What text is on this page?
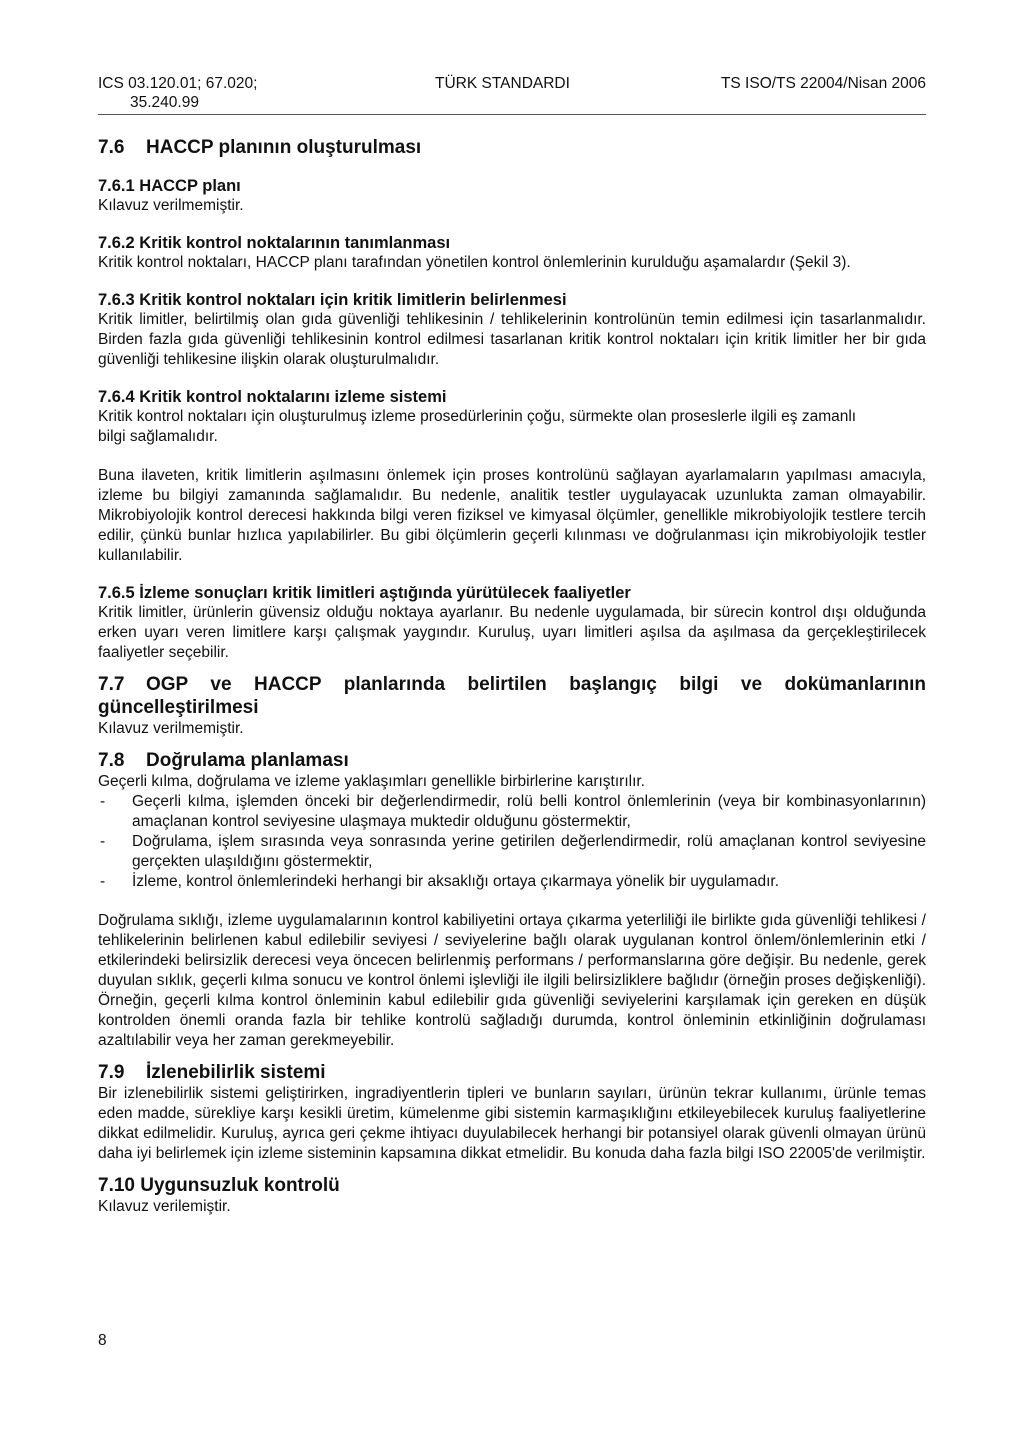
ICS 03.120.01; 67.020;
35.240.99
TÜRK STANDARDI	TS ISO/TS 22004/Nisan 2006
7.6 HACCP planının oluşturulması
7.6.1 HACCP planı

Kılavuz verilmemiştir.

7.6.2 Kritik kontrol noktalarının tanımlanması

Kritik kontrol noktaları, HACCP planı tarafından yönetilen kontrol önlemlerinin kurulduğu aşamalardır (Şekil 3).

7.6.3 Kritik kontrol noktaları için kritik limitlerin belirlenmesi

Kritik limitler, belirtilmiş olan gıda güvenliği tehlikesinin / tehlikelerinin kontrolünün temin edilmesi için tasarlanmalıdır. Birden fazla gıda güvenliği tehlikesinin kontrol edilmesi tasarlanan kritik kontrol noktaları için kritik limitler her bir gıda güvenliği tehlikesine ilişkin olarak oluşturulmalıdır.

7.6.4 Kritik kontrol noktalarını izleme sistemi

Kritik kontrol noktaları için oluşturulmuş izleme prosedürlerinin çoğu, sürmekte olan proseslerle ilgili eş zamanlı bilgi sağlamalıdır.

Buna ilaveten, kritik limitlerin aşılmasını önlemek için proses kontrolünü sağlayan ayarlamaların yapılması amacıyla, izleme bu bilgiyi zamanında sağlamalıdır. Bu nedenle, analitik testler uygulayacak uzunlukta zaman olmayabilir. Mikrobiyolojik kontrol derecesi hakkında bilgi veren fiziksel ve kimyasal ölçümler, genellikle mikrobiyolojik testlere tercih edilir, çünkü bunlar hızlıca yapılabilirler. Bu gibi ölçümlerin geçerli kılınması ve doğrulanması için mikrobiyolojik testler kullanılabilir.

7.6.5 İzleme sonuçları kritik limitleri aştığında yürütülecek faaliyetler

Kritik limitler, ürünlerin güvensiz olduğu noktaya ayarlanır. Bu nedenle uygulamada, bir sürecin kontrol dışı olduğunda erken uyarı veren limitlere karşı çalışmak yaygındır. Kuruluş, uyarı limitleri aşılsa da aşılmasa da gerçekleştirilecek faaliyetler seçebilir.

7.7 OGP ve HACCP planlarında belirtilen başlangıç bilgi ve dokümanlarının güncelleştirilmesi

Kılavuz verilmemiştir.

7.8 Doğrulama planlaması

Geçerli kılma, doğrulama ve izleme yaklaşımları genellikle birbirlerine karıştırılır.

- Geçerli kılma, işlemden önceki bir değerlendirmedir, rolü belli kontrol önlemlerinin (veya bir kombinasyonlarının) amaçlanan kontrol seviyesine ulaşmaya muktedir olduğunu göstermektir,
- Doğrulama, işlem sırasında veya sonrasında yerine getirilen değerlendirmedir, rolü amaçlanan kontrol seviyesine gerçekten ulaşıldığını göstermektir,
- İzleme, kontrol önlemlerindeki herhangi bir aksaklığı ortaya çıkarmaya yönelik bir uygulamadır.

Doğrulama sıklığı, izleme uygulamalarının kontrol kabiliyetini ortaya çıkarma yeterliliği ile birlikte gıda güvenliği tehlikesi / tehlikelerinin belirlenen kabul edilebilir seviyesi / seviyelerine bağlı olarak uygulanan kontrol önlem/önlemlerinin etki / etkilerindeki belirsizlik derecesi veya öncecen belirlenmiş performans / performanslarına göre değişir. Bu nedenle, gerek duyulan sıklık, geçerli kılma sonucu ve kontrol önlemi işlevliği ile ilgili belirsizliklere bağlıdır (örneğin proses değişkenliği). Örneğin, geçerli kılma kontrol önleminin kabul edilebilir gıda güvenliği seviyelerini karşılamak için gereken en düşük kontrolden önemli oranda fazla bir tehlike kontrolü sağladığı durumda, kontrol önleminin etkinliğinin doğrulaması azaltılabilir veya her zaman gerekmeyebilir.

7.9 İzlenebilirlik sistemi

Bir izlenebilirlik sistemi geliştirirken, ingradiyentlerin tipleri ve bunların sayıları, ürünün tekrar kullanımı, ürünle temas eden madde, sürekliye karşı kesikli üretim, kümelenme gibi sistemin karmaşıklığını etkileyebilecek kuruluş faaliyetlerine dikkat edilmelidir. Kuruluş, ayrıca geri çekme ihtiyacı duyulabilecek herhangi bir potansiyel olarak güvenli olmayan ürünü daha iyi belirlemek için izleme sisteminin kapsamına dikkat etmelidir. Bu konuda daha fazla bilgi ISO 22005'de verilmiştir.

7.10 Uygunsuzluk kontrolü

Kılavuz verilemiştir.

8
